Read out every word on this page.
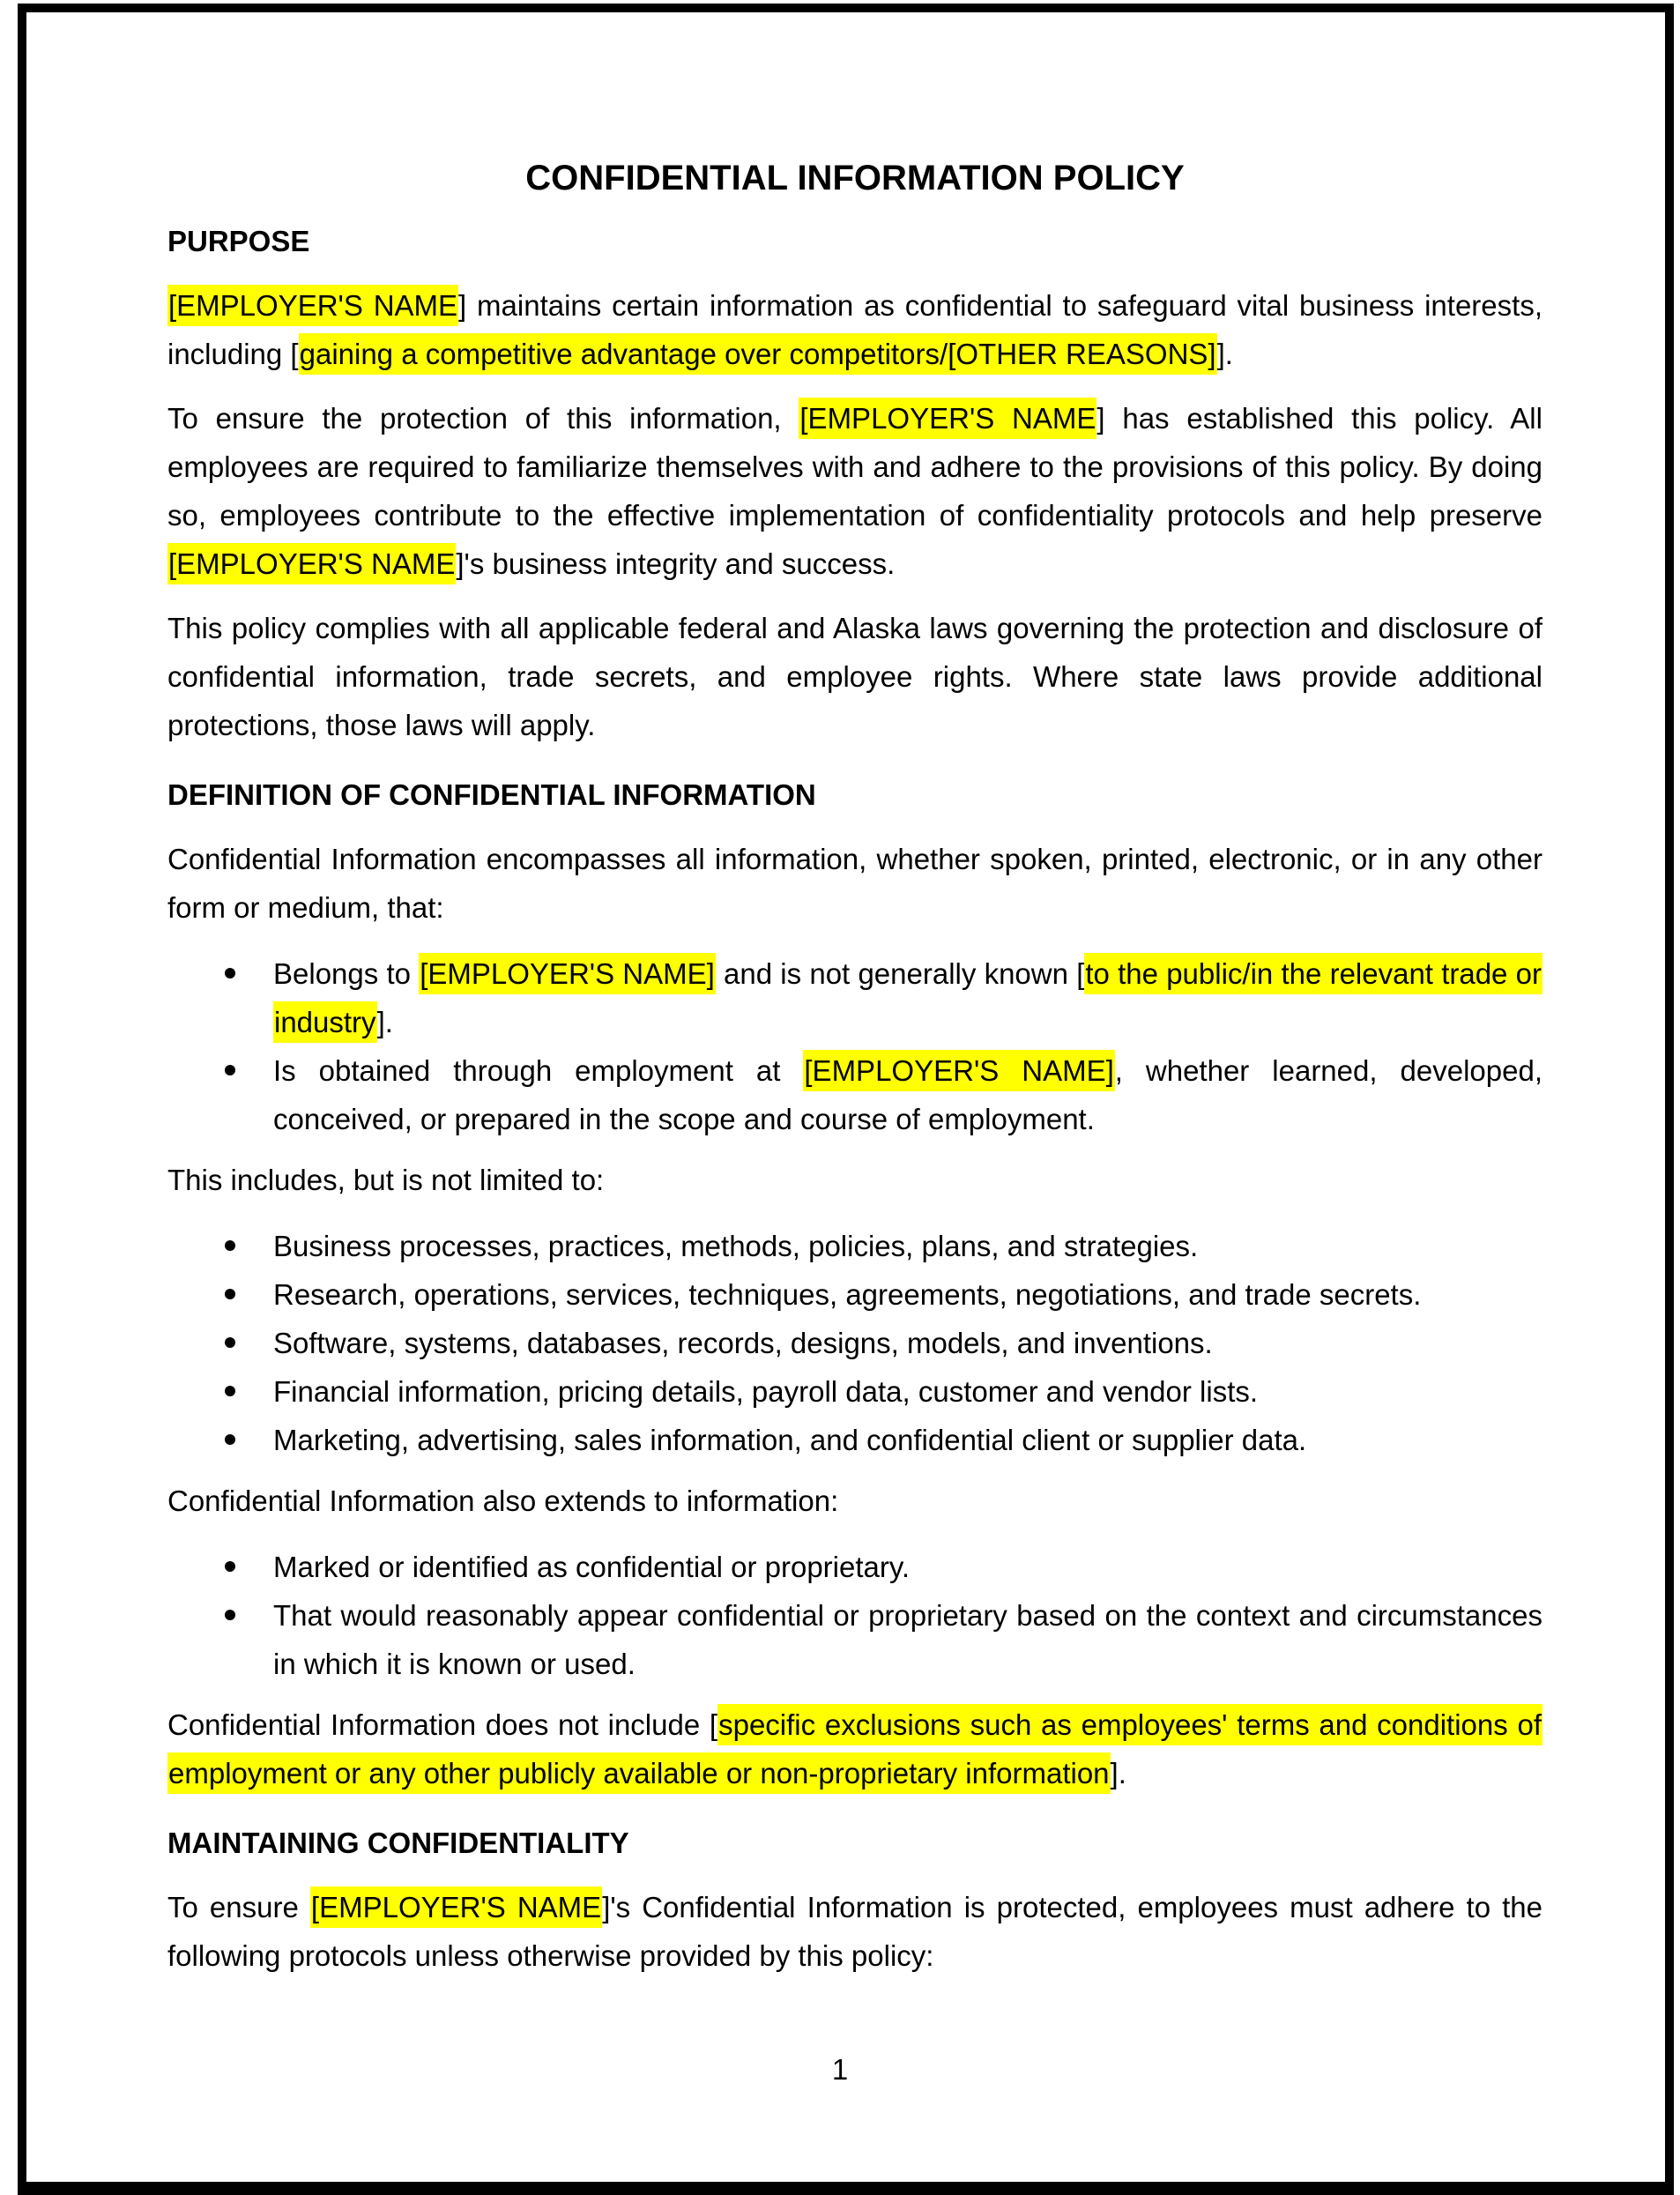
CONFIDENTIAL INFORMATION POLICY
PURPOSE

[EMPLOYER'S NAME] maintains certain information as confidential to safeguard vital business interests, including [gaining a competitive advantage over competitors/[OTHER REASONS]].

To ensure the protection of this information, [EMPLOYER'S NAME] has established this policy. All employees are required to familiarize themselves with and adhere to the provisions of this policy. By doing so, employees contribute to the effective implementation of confidentiality protocols and help preserve [EMPLOYER'S NAME]'s business integrity and success.

This policy complies with all applicable federal and Alaska laws governing the protection and disclosure of confidential information, trade secrets, and employee rights. Where state laws provide additional protections, those laws will apply.

DEFINITION OF CONFIDENTIAL INFORMATION

Confidential Information encompasses all information, whether spoken, printed, electronic, or in any other form or medium, that:

Belongs to [EMPLOYER'S NAME] and is not generally known [to the public/in the relevant trade or industry].
Is obtained through employment at [EMPLOYER'S NAME], whether learned, developed, conceived, or prepared in the scope and course of employment.

This includes, but is not limited to:

Business processes, practices, methods, policies, plans, and strategies.
Research, operations, services, techniques, agreements, negotiations, and trade secrets.
Software, systems, databases, records, designs, models, and inventions.
Financial information, pricing details, payroll data, customer and vendor lists.
Marketing, advertising, sales information, and confidential client or supplier data.

Confidential Information also extends to information:

Marked or identified as confidential or proprietary.
That would reasonably appear confidential or proprietary based on the context and circumstances in which it is known or used.

Confidential Information does not include [specific exclusions such as employees' terms and conditions of employment or any other publicly available or non-proprietary information].

MAINTAINING CONFIDENTIALITY

To ensure [EMPLOYER'S NAME]'s Confidential Information is protected, employees must adhere to the following protocols unless otherwise provided by this policy:

1
